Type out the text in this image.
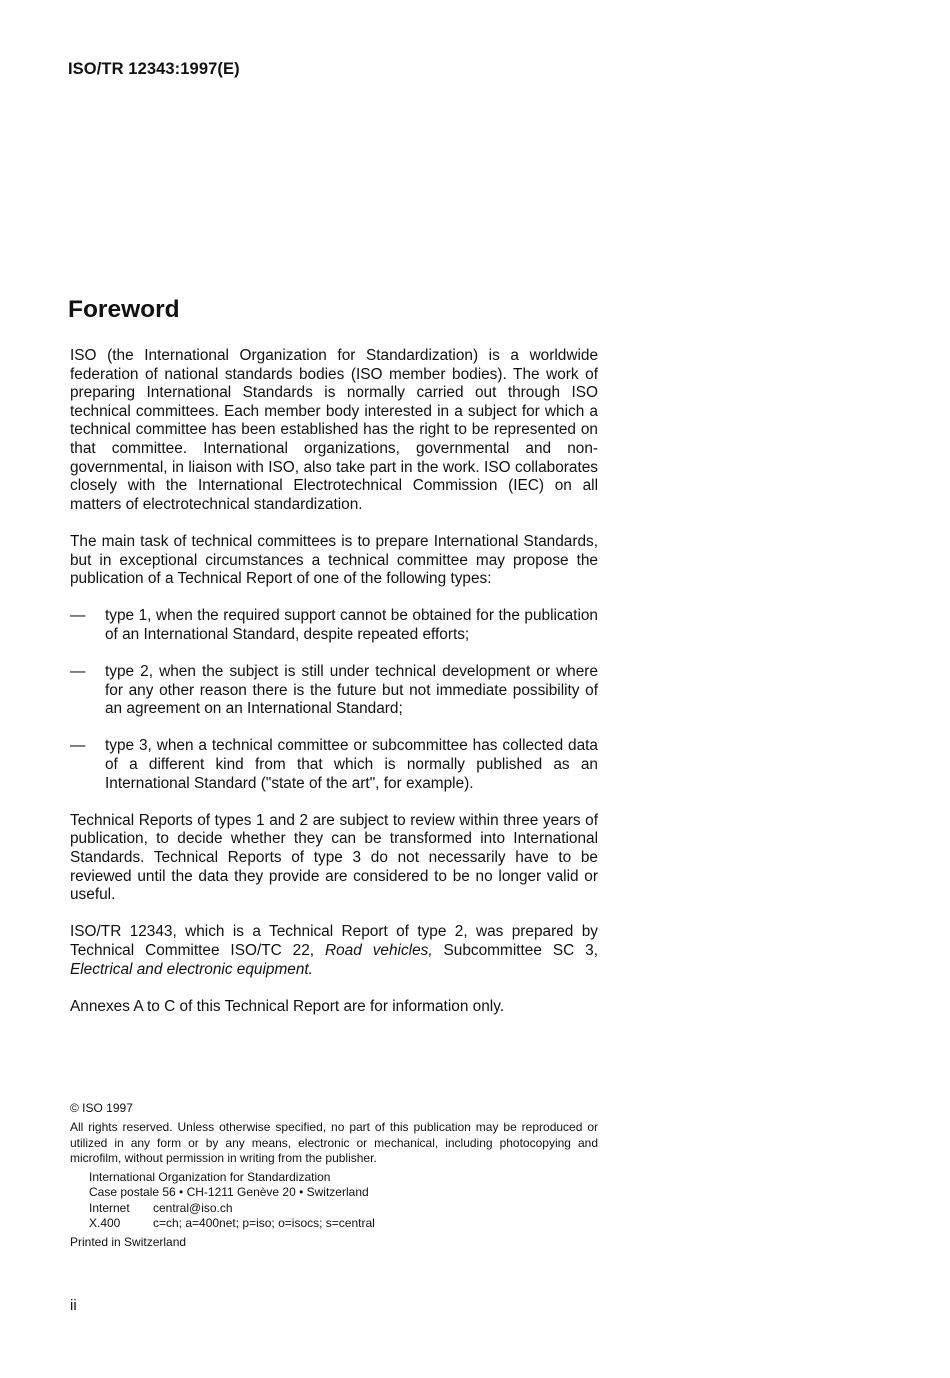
ISO/TR 12343:1997(E)
Foreword

ISO (the International Organization for Standardization) is a worldwide federation of national standards bodies (ISO member bodies). The work of preparing International Standards is normally carried out through ISO technical committees. Each member body interested in a subject for which a technical committee has been established has the right to be represented on that committee. International organizations, governmental and non-governmental, in liaison with ISO, also take part in the work. ISO collaborates closely with the International Electrotechnical Commission (IEC) on all matters of electrotechnical standardization.

The main task of technical committees is to prepare International Standards, but in exceptional circumstances a technical committee may propose the publication of a Technical Report of one of the following types:

—	type 1, when the required support cannot be obtained for the publication of an International Standard, despite repeated efforts;
—	type 2, when the subject is still under technical development or where for any other reason there is the future but not immediate possibility of an agreement on an International Standard;
—	type 3, when a technical committee or subcommittee has collected data of a different kind from that which is normally published as an International Standard ("state of the art", for example).

Technical Reports of types 1 and 2 are subject to review within three years of publication, to decide whether they can be transformed into International Standards. Technical Reports of type 3 do not necessarily have to be reviewed until the data they provide are considered to be no longer valid or useful.

ISO/TR 12343, which is a Technical Report of type 2, was prepared by Technical Committee ISO/TC 22, Road vehicles, Subcommittee SC 3, Electrical and electronic equipment.

Annexes A to C of this Technical Report are for information only.

© ISO 1997
All rights reserved. Unless otherwise specified, no part of this publication may be reproduced or utilized in any form or by any means, electronic or mechanical, including photocopying and microfilm, without permission in writing from the publisher.
International Organization for Standardization
Case postale 56 • CH-1211 Genève 20 • Switzerland
Internet	central@iso.ch
X.400	c=ch; a=400net; p=iso; o=isocs; s=central
Printed in Switzerland
ii
